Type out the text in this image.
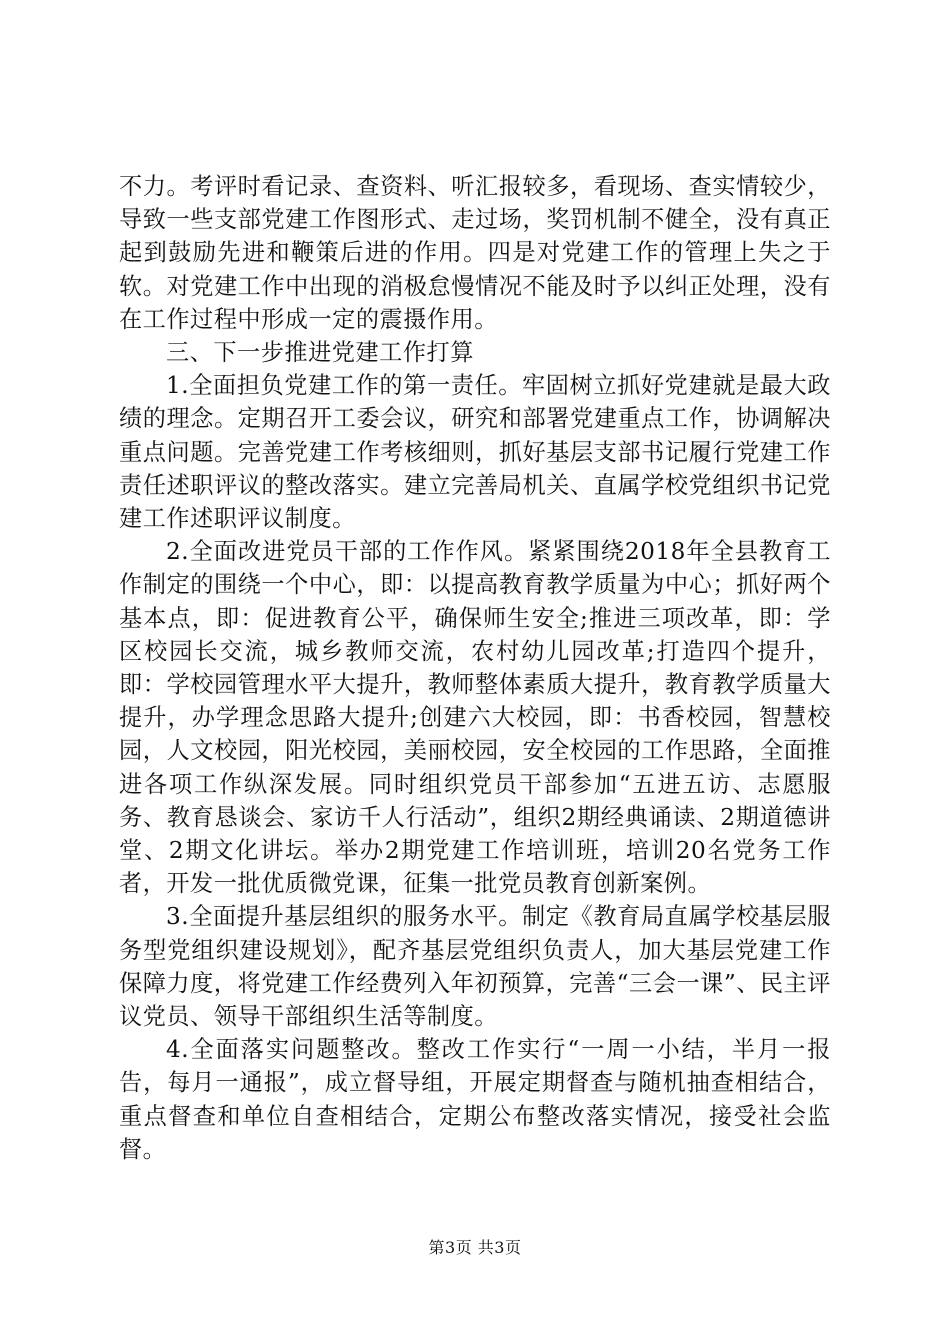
不力。考评时看记录、查资料、听汇报较多，看现场、查实情较少，导致一些支部党建工作图形式、走过场，奖罚机制不健全，没有真正起到鼓励先进和鞭策后进的作用。四是对党建工作的管理上失之于软。对党建工作中出现的消极怠慢情况不能及时予以纠正处理，没有在工作过程中形成一定的震摄作用。

三、下一步推进党建工作打算

1.全面担负党建工作的第一责任。牢固树立抓好党建就是最大政绩的理念。定期召开工委会议，研究和部署党建重点工作，协调解决重点问题。完善党建工作考核细则，抓好基层支部书记履行党建工作责任述职评议的整改落实。建立完善局机关、直属学校党组织书记党建工作述职评议制度。

2.全面改进党员干部的工作作风。紧紧围绕2018年全县教育工作制定的围绕一个中心，即：以提高教育教学质量为中心；抓好两个基本点，即：促进教育公平，确保师生安全;推进三项改革，即：学区校园长交流，城乡教师交流，农村幼儿园改革;打造四个提升，即：学校园管理水平大提升，教师整体素质大提升，教育教学质量大提升，办学理念思路大提升;创建六大校园，即：书香校园，智慧校园，人文校园，阳光校园，美丽校园，安全校园的工作思路，全面推进各项工作纵深发展。同时组织党员干部参加“五进五访、志愿服务、教育恳谈会、家访千人行活动”，组织2期经典诵读、2期道德讲堂、2期文化讲坛。举办2期党建工作培训班，培训20名党务工作者，开发一批优质微党课，征集一批党员教育创新案例。

3.全面提升基层组织的服务水平。制定《教育局直属学校基层服务型党组织建设规划》，配齐基层党组织负责人，加大基层党建工作保障力度，将党建工作经费列入年初预算，完善“三会一课”、民主评议党员、领导干部组织生活等制度。

4.全面落实问题整改。整改工作实行“一周一小结，半月一报告，每月一通报”，成立督导组，开展定期督查与随机抽查相结合，重点督查和单位自查相结合，定期公布整改落实情况，接受社会监督。

第3页 共3页
